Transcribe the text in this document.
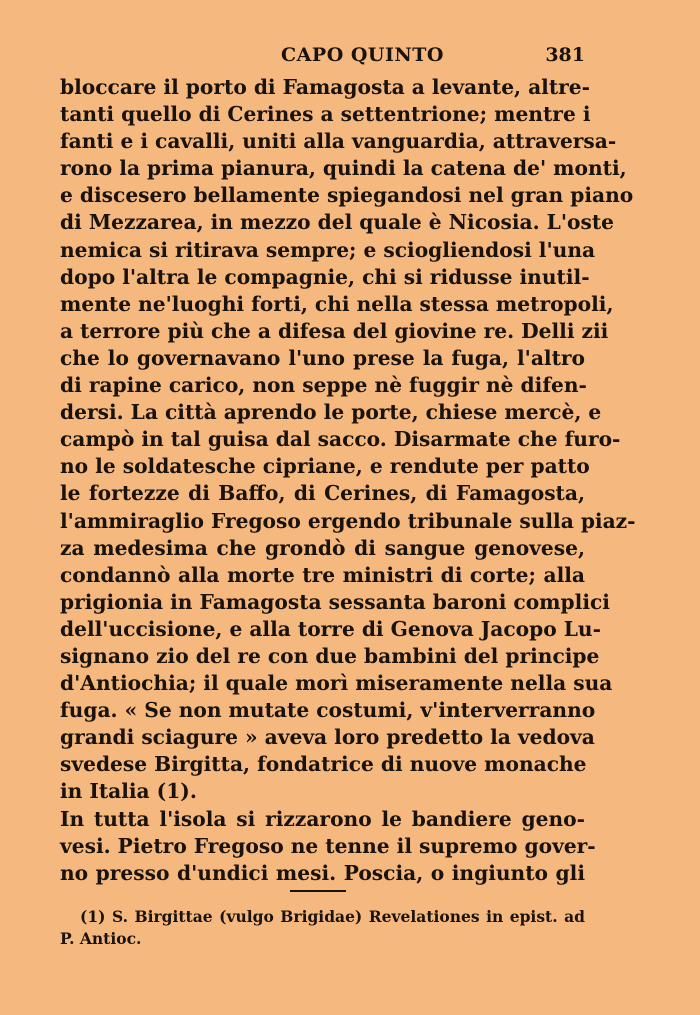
CAPO QUINTO	381
bloccare il porto di Famagosta a levante, altre-
tanti quello di Cerines a settentrione; mentre i
fanti e i cavalli, uniti alla vanguardia, attraversa-
rono la prima pianura, quindi la catena de' monti,
e discesero bellamente spiegandosi nel gran piano
di Mezzarea, in mezzo del quale è Nicosia. L'oste
nemica si ritirava sempre; e sciogliendosi l'una
dopo l'altra le compagnie, chi si ridusse inutil-
mente ne'luoghi forti, chi nella stessa metropoli,
a terrore più che a difesa del giovine re. Delli zii
che lo governavano l'uno prese la fuga, l'altro
di rapine carico, non seppe nè fuggir nè difen-
dersi. La città aprendo le porte, chiese mercè, e
campò in tal guisa dal sacco. Disarmate che furo-
no le soldatesche cipriane, e rendute per patto
le fortezze di Baffo, di Cerines, di Famagosta,
l'ammiraglio Fregoso ergendo tribunale sulla piaz-
za medesima che grondò di sangue genovese,
condannò alla morte tre ministri di corte; alla
prigionia in Famagosta sessanta baroni complici
dell'uccisione, e alla torre di Genova Jacopo Lu-
signano zio del re con due bambini del principe
d'Antiochia; il quale morì miseramente nella sua
fuga. « Se non mutate costumi, v'interverranno
grandi sciagure » aveva loro predetto la vedova
svedese Birgitta, fondatrice di nuove monache
in Italia (1).
In tutta l'isola si rizzarono le bandiere geno-
vesi. Pietro Fregoso ne tenne il supremo gover-
no presso d'undici mesi. Poscia, o ingiunto gli
(1) S. Birgittae (vulgo Brigidae) Revelationes in epist. ad
P. Antioc.
